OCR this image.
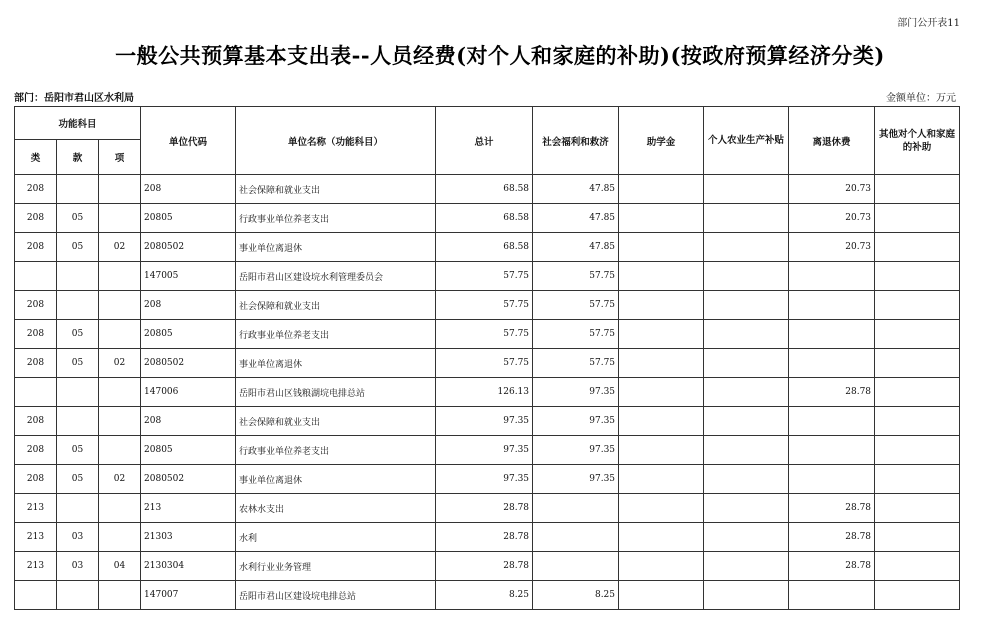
部门公开表11
一般公共预算基本支出表--人员经费(对个人和家庭的补助)(按政府预算经济分类)
部门：岳阳市君山区水利局	金额单位：万元
功能科目			单位代码	单位名称（功能科目）	总计	社会福利和救济	助学金	个人农业生产补贴	离退休费	其他对个人和家庭的补助
类	款	项								
208			208	社会保障和就业支出	68.58	47.85			20.73	
208	05		20805	行政事业单位养老支出	68.58	47.85			20.73	
208	05	02	2080502	事业单位离退休	68.58	47.85			20.73	
			147005	岳阳市君山区建设垸水利管理委员会	57.75	57.75				
208			208	社会保障和就业支出	57.75	57.75				
208	05		20805	行政事业单位养老支出	57.75	57.75				
208	05	02	2080502	事业单位离退休	57.75	57.75				
			147006	岳阳市君山区钱粮湖垸电排总站	126.13	97.35			28.78	
208			208	社会保障和就业支出	97.35	97.35				
208	05		20805	行政事业单位养老支出	97.35	97.35				
208	05	02	2080502	事业单位离退休	97.35	97.35				
213			213	农林水支出	28.78				28.78	
213	03		21303	水利	28.78				28.78	
213	03	04	2130304	水利行业业务管理	28.78				28.78	
			147007	岳阳市君山区建设垸电排总站	8.25	8.25				
